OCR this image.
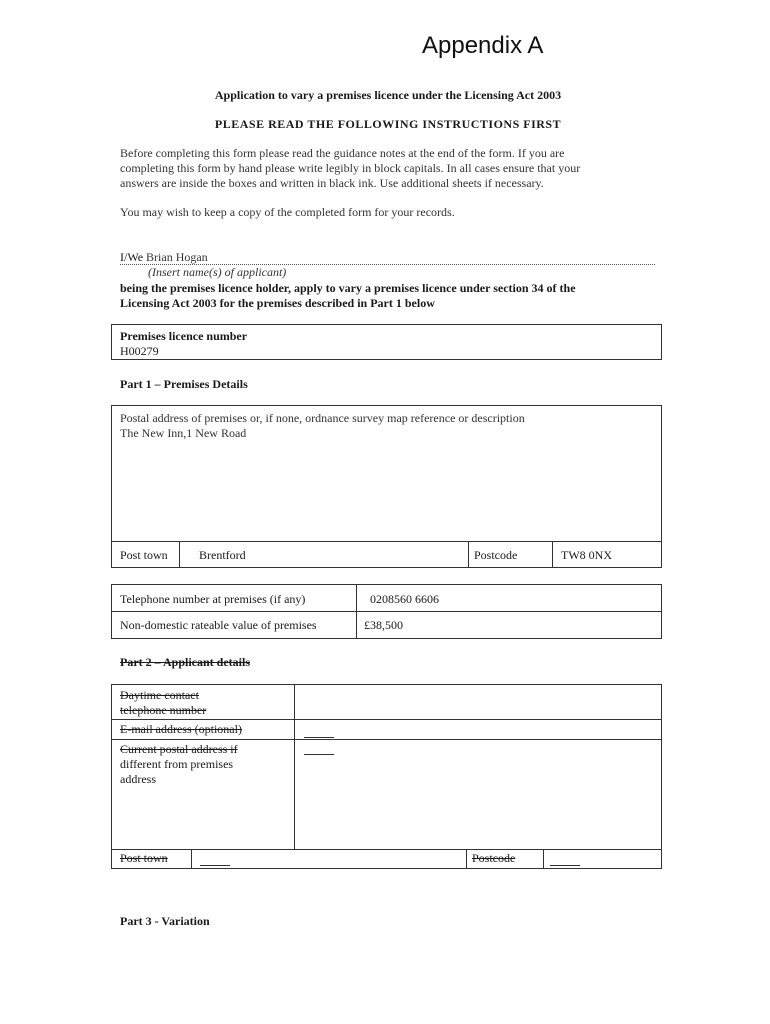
Appendix A
Application to vary a premises licence under the Licensing Act 2003
PLEASE READ THE FOLLOWING INSTRUCTIONS FIRST
Before completing this form please read the guidance notes at the end of the form. If you are
completing this form by hand please write legibly in block capitals. In all cases ensure that your
answers are inside the boxes and written in black ink. Use additional sheets if necessary.
You may wish to keep a copy of the completed form for your records.
I/We Brian Hogan
(Insert name(s) of applicant)
being the premises licence holder, apply to vary a premises licence under section 34 of the
Licensing Act 2003 for the premises described in Part 1 below
Premises licence number
H00279
Part 1 – Premises Details
Postal address of premises or, if none, ordnance survey map reference or description
The New Inn,1 New Road
Post town	Brentford	Postcode	TW8 0NX
Telephone number at premises (if any)	0208560 6606
Non-domestic rateable value of premises	£38,500
Part 2 – Applicant details
Daytime contact
telephone number
E-mail address (optional)
Current postal address if
different from premises
address
Post town	Postcode
Part 3 - Variation
